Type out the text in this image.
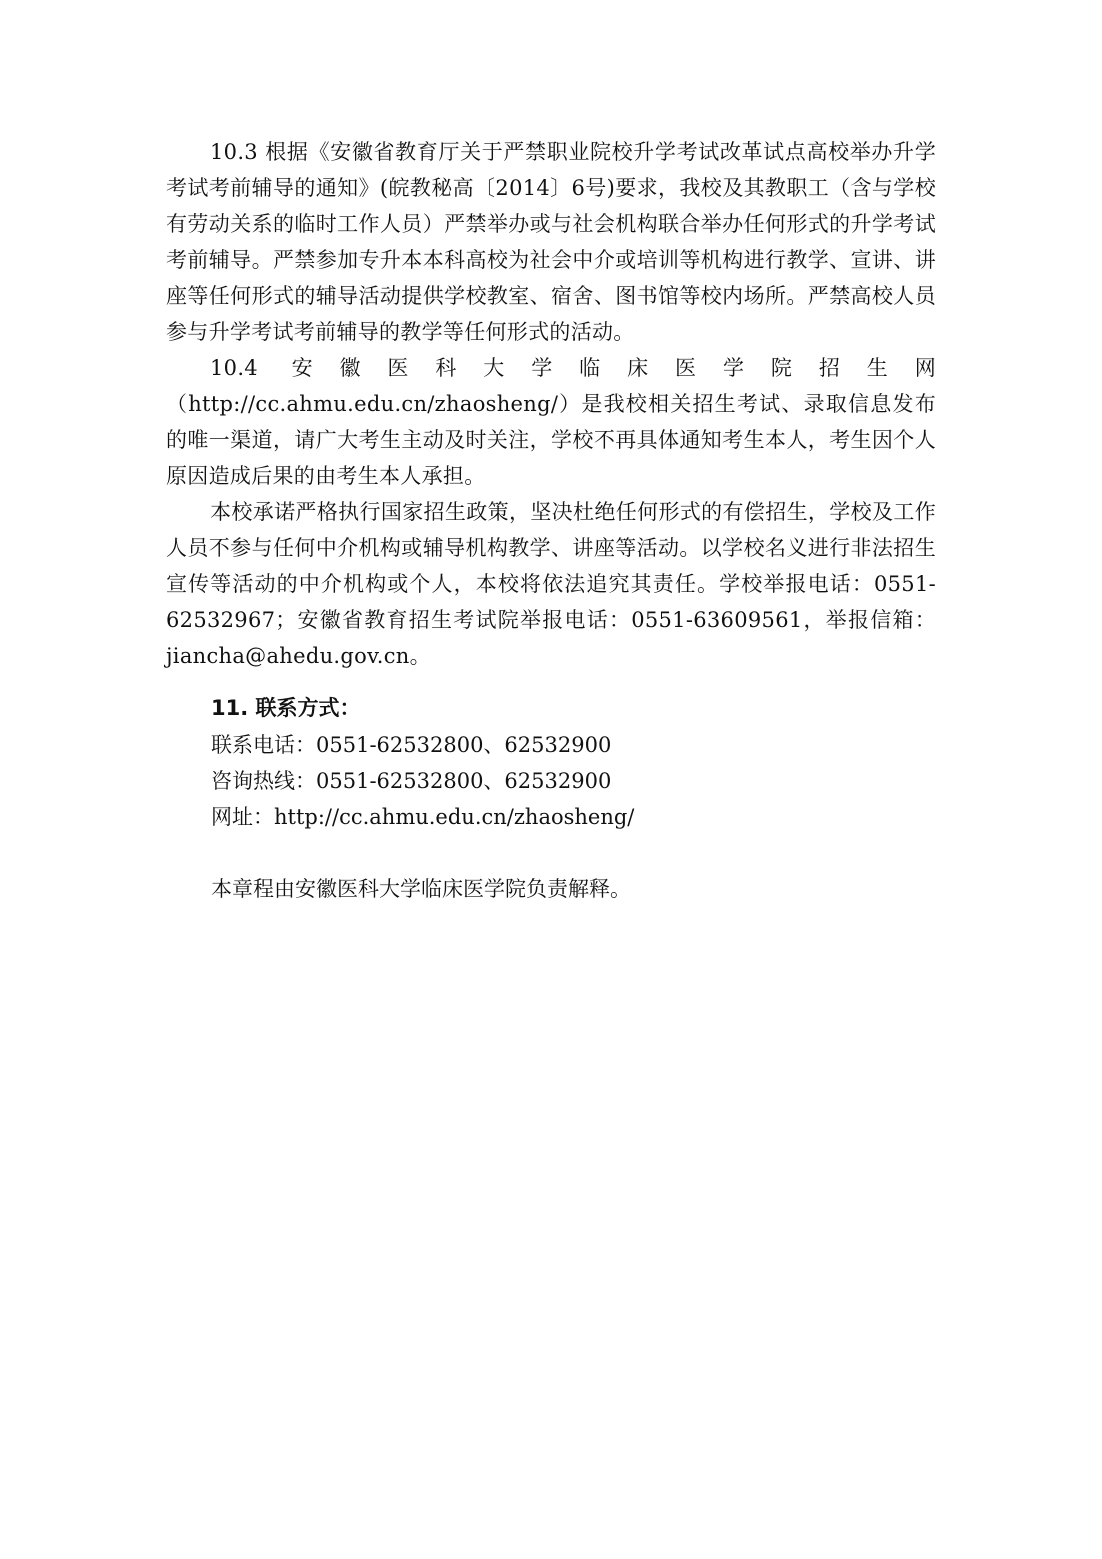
10.3 根据《安徽省教育厅关于严禁职业院校升学考试改革试点高校举办升学考试考前辅导的通知》(皖教秘高〔2014〕6号)要求，我校及其教职工（含与学校有劳动关系的临时工作人员）严禁举办或与社会机构联合举办任何形式的升学考试考前辅导。严禁参加专升本本科高校为社会中介或培训等机构进行教学、宣讲、讲座等任何形式的辅导活动提供学校教室、宿舍、图书馆等校内场所。严禁高校人员参与升学考试考前辅导的教学等任何形式的活动。

10.4 安徽医科大学临床医学院招生网（http://cc.ahmu.edu.cn/zhaosheng/）是我校相关招生考试、录取信息发布的唯一渠道，请广大考生主动及时关注，学校不再具体通知考生本人，考生因个人原因造成后果的由考生本人承担。

本校承诺严格执行国家招生政策，坚决杜绝任何形式的有偿招生，学校及工作人员不参与任何中介机构或辅导机构教学、讲座等活动。以学校名义进行非法招生宣传等活动的中介机构或个人，本校将依法追究其责任。学校举报电话：0551-62532967；安徽省教育招生考试院举报电话：0551-63609561，举报信箱：jiancha@ahedu.gov.cn。

11. 联系方式：

联系电话：0551-62532800、62532900

咨询热线：0551-62532800、62532900

网址：http://cc.ahmu.edu.cn/zhaosheng/

本章程由安徽医科大学临床医学院负责解释。
